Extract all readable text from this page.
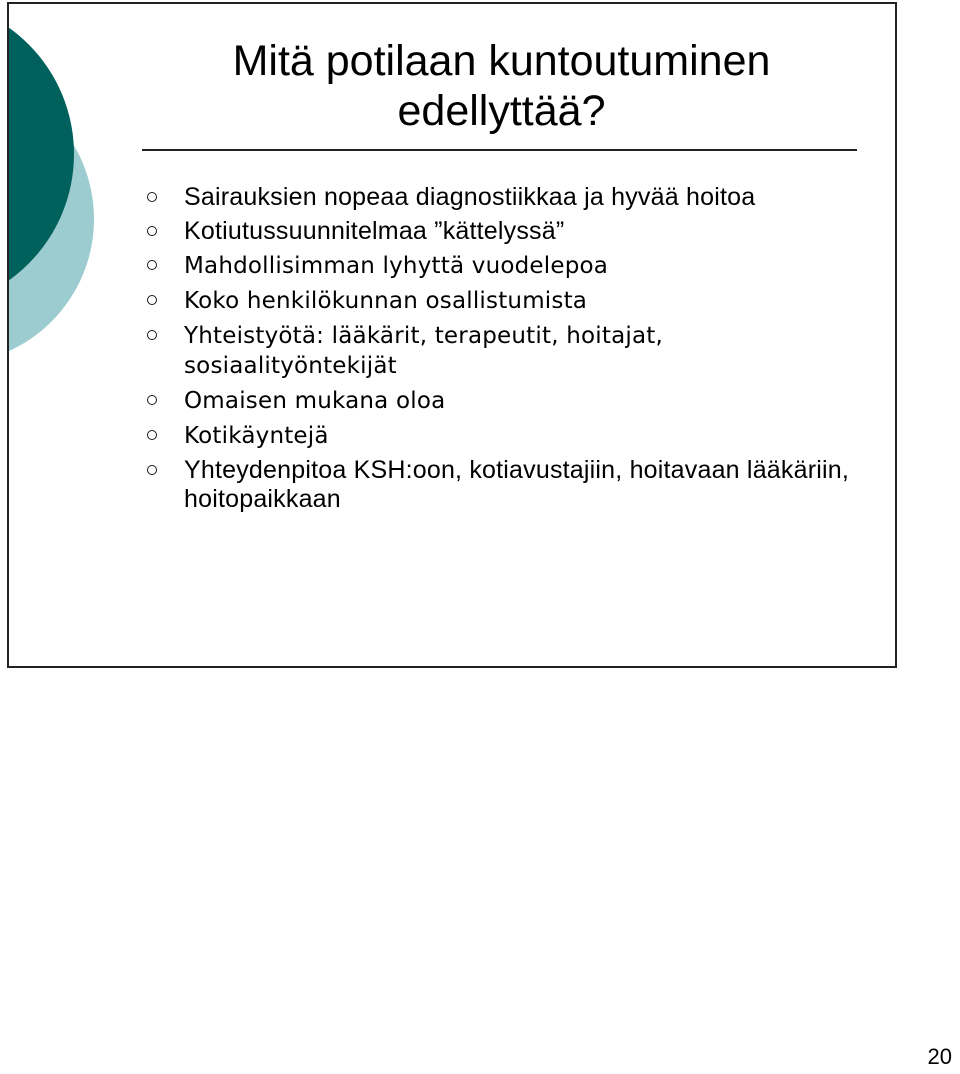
Mitä potilaan kuntoutuminen
edellyttää?
Sairauksien nopeaa diagnostiikkaa ja hyvää hoitoa
Kotiutussuunnitelmaa ”kättelyssä”
Mahdollisimman lyhyttä vuodelepoa
Koko henkilökunnan osallistumista
Yhteistyötä: lääkärit, terapeutit, hoitajat, sosiaalityöntekijät
Omaisen mukana oloa
Kotikäyntejä
Yhteydenpitoa KSH:oon, kotiavustajiin, hoitavaan lääkäriin, hoitopaikkaan
20
